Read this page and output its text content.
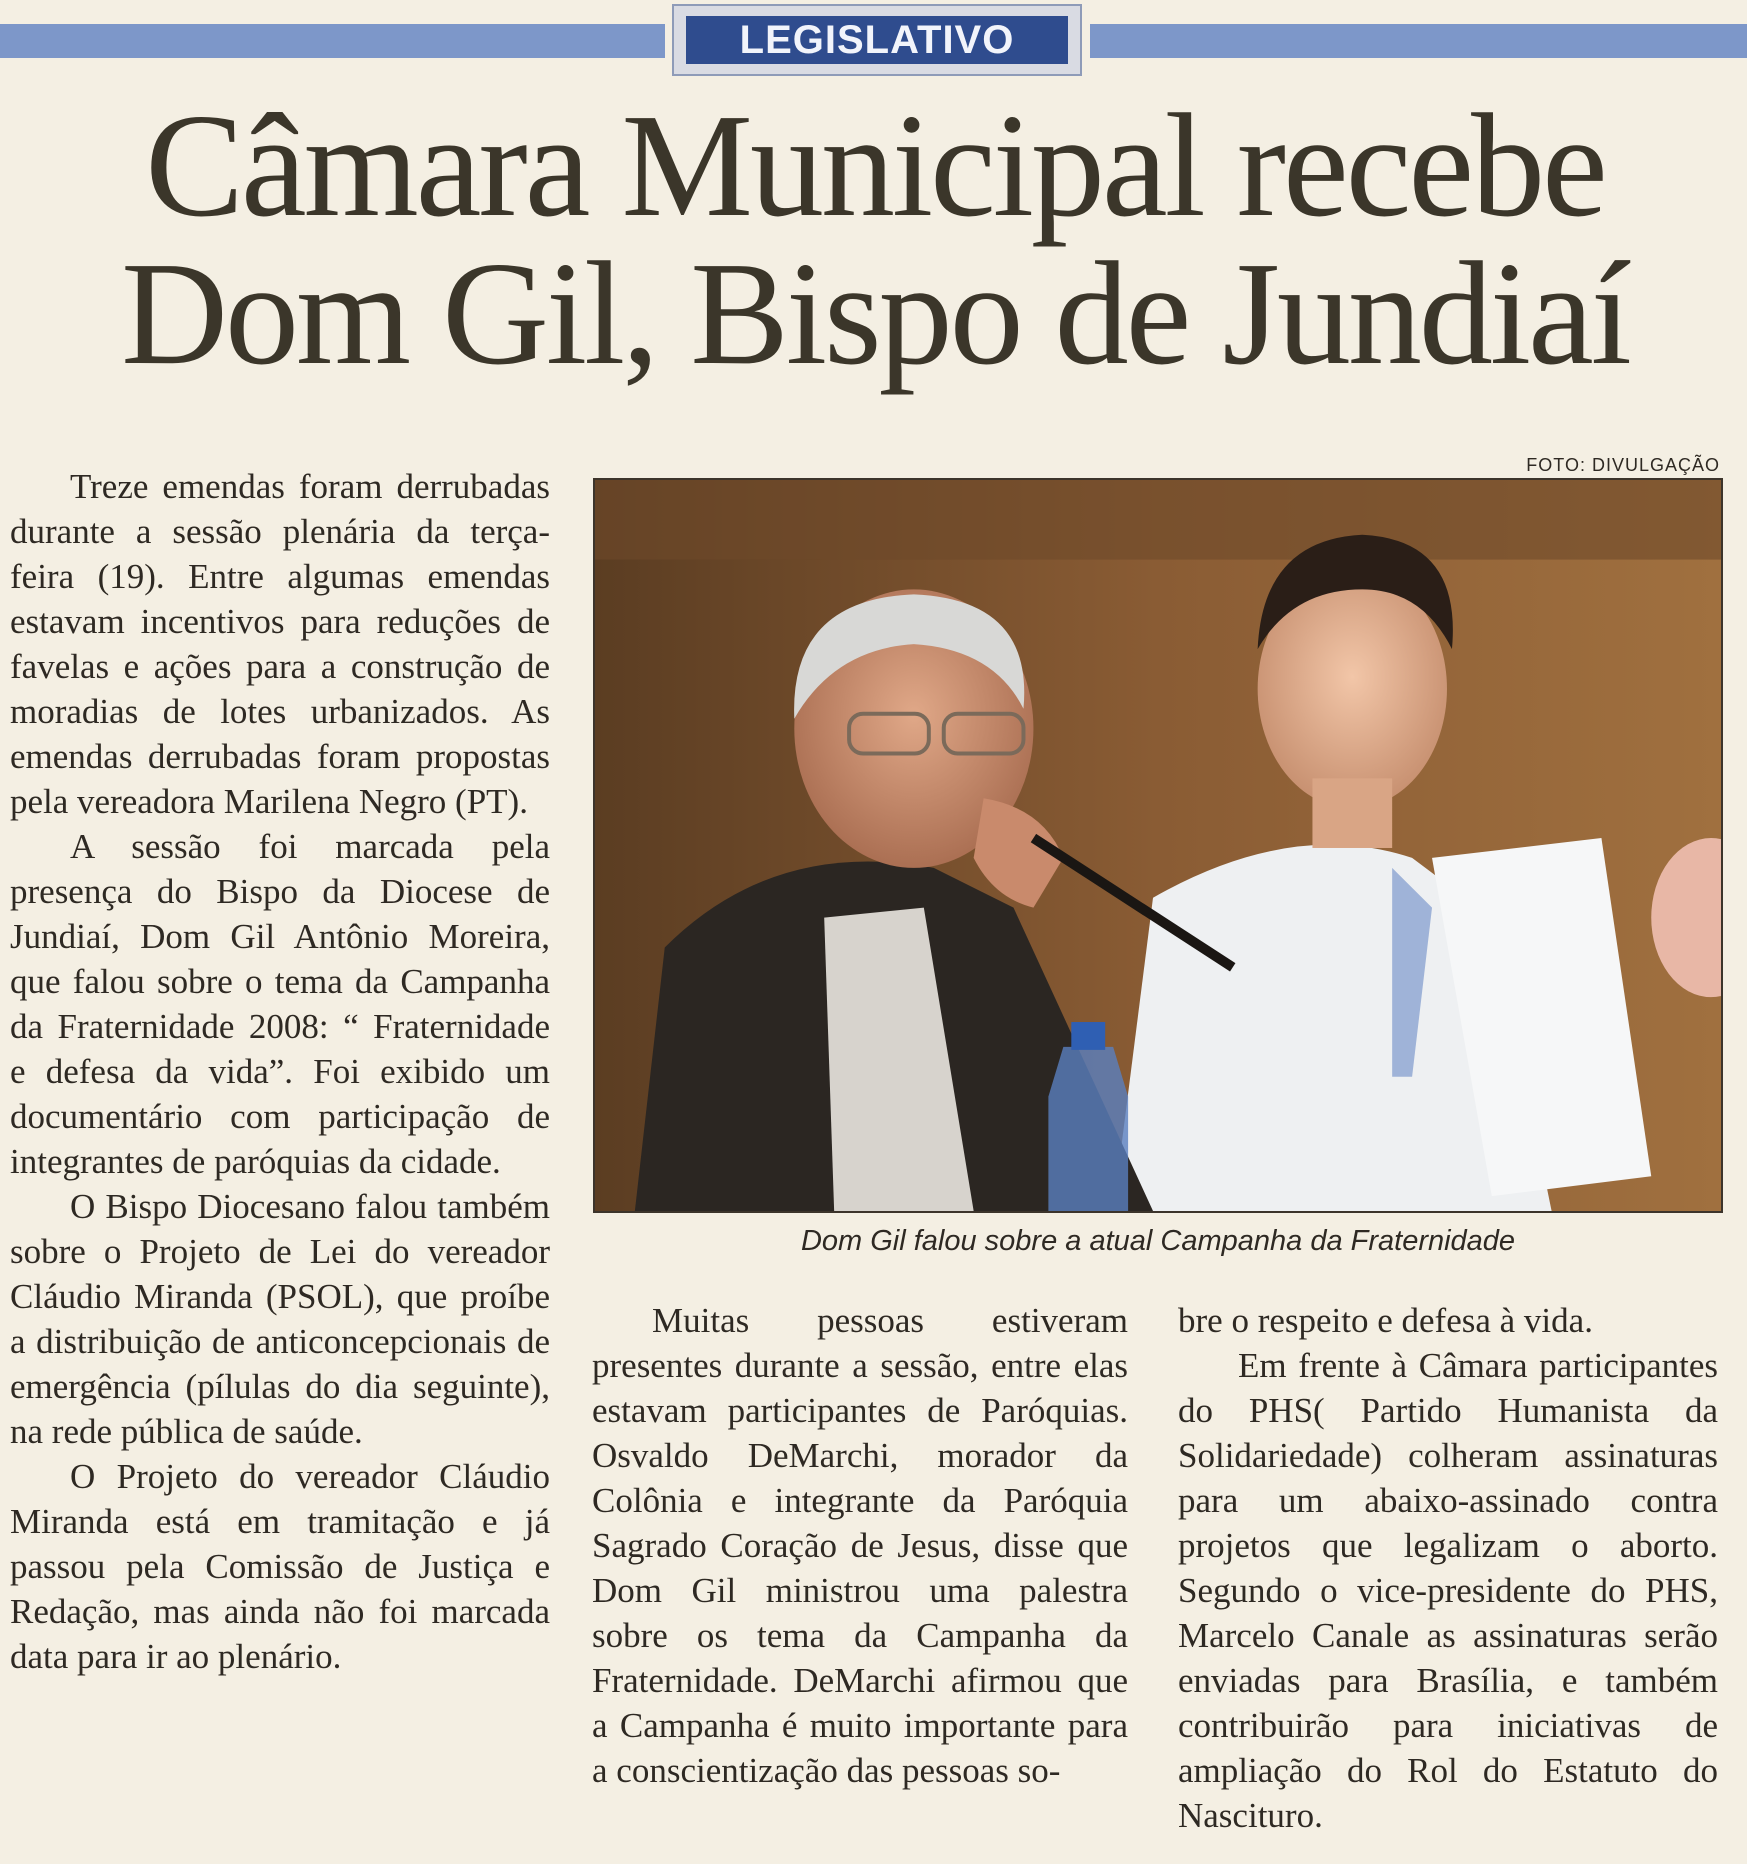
LEGISLATIVO
Câmara Municipal recebe
Dom Gil, Bispo de Jundiaí
FOTO: DIVULGAÇÃO
Dom Gil falou sobre a atual Campanha da Fraternidade

Treze emendas foram derrubadas durante a sessão plenária da terça-feira (19). Entre algumas emendas estavam incentivos para reduções de favelas e ações para a construção de moradias de lotes urbanizados. As emendas derrubadas foram propostas pela vereadora Marilena Negro (PT).

A sessão foi marcada pela presença do Bispo da Diocese de Jundiaí, Dom Gil Antônio Moreira, que falou sobre o tema da Campanha da Fraternidade 2008: “ Fraternidade e defesa da vida”. Foi exibido um documentário com participação de integrantes de paróquias da cidade.

O Bispo Diocesano falou também sobre o Projeto de Lei do vereador Cláudio Miranda (PSOL), que proíbe a distribuição de anticoncepcionais de emergência (pílulas do dia seguinte), na rede pública de saúde.

O Projeto do vereador Cláudio Miranda está em tramitação e já passou pela Comissão de Justiça e Redação, mas ainda não foi marcada data para ir ao plenário.

Muitas pessoas estiveram presentes durante a sessão, entre elas estavam participantes de Paróquias. Osvaldo DeMarchi, morador da Colônia e integrante da Paróquia Sagrado Coração de Jesus, disse que Dom Gil ministrou uma palestra sobre os tema da Campanha da Fraternidade. DeMarchi afirmou que a Campanha é muito importante para a conscientização das pessoas so-

bre o respeito e defesa à vida.

Em frente à Câmara participantes do PHS( Partido Humanista da Solidariedade) colheram assinaturas para um abaixo-assinado contra projetos que legalizam o aborto. Segundo o vice-presidente do PHS, Marcelo Canale as assinaturas serão enviadas para Brasília, e também contribuirão para iniciativas de ampliação do Rol do Estatuto do Nascituro.
